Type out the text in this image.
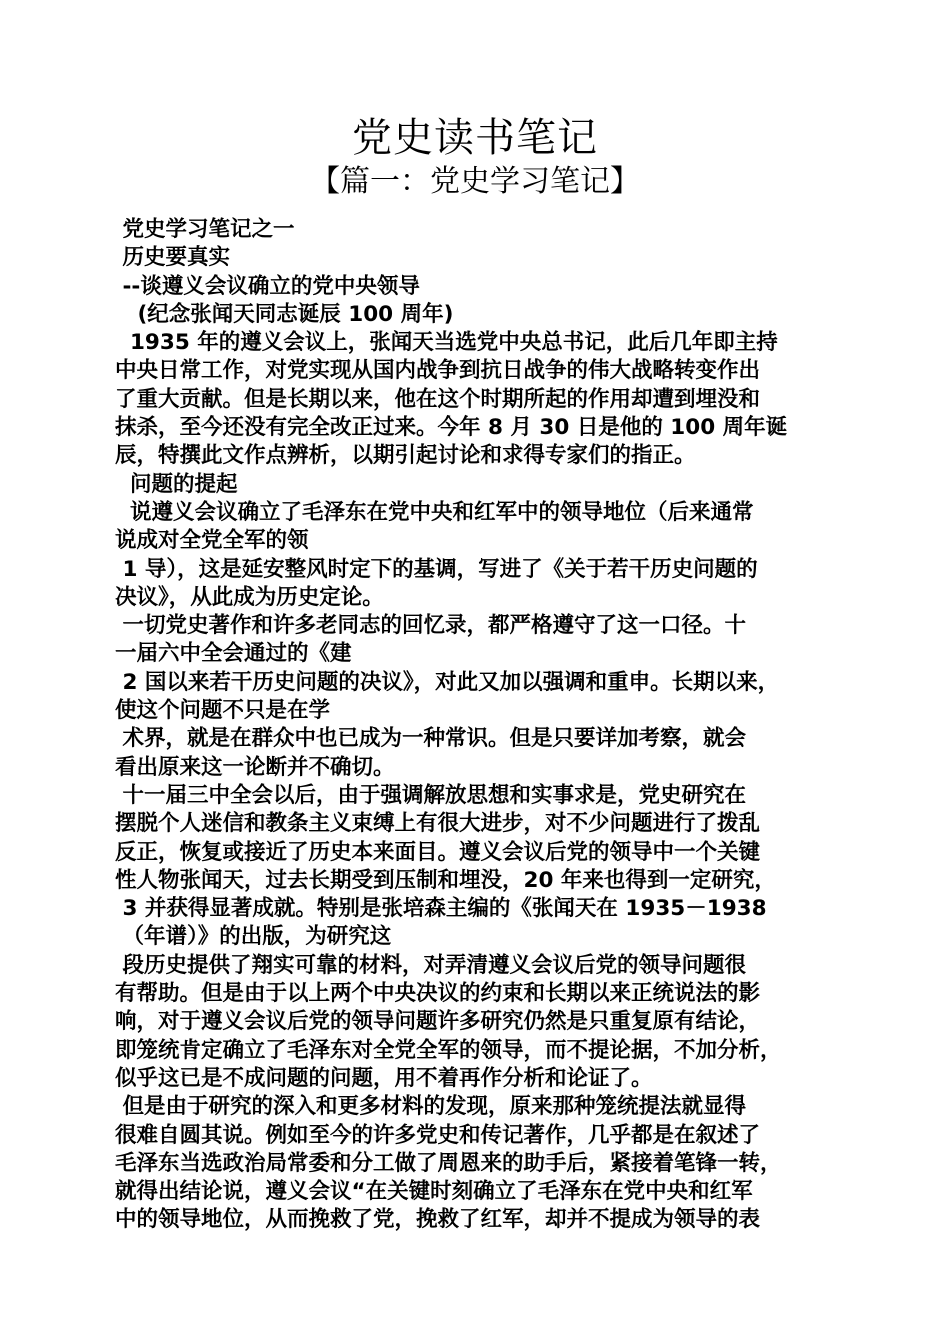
党史读书笔记
【篇一：党史学习笔记】
党史学习笔记之一
历史要真实
--谈遵义会议确立的党中央领导
(纪念张闻天同志诞辰 100 周年)
1935 年的遵义会议上，张闻天当选党中央总书记，此后几年即主持
中央日常工作，对党实现从国内战争到抗日战争的伟大战略转变作出
了重大贡献。但是长期以来，他在这个时期所起的作用却遭到埋没和
抹杀，至今还没有完全改正过来。今年 8 月 30 日是他的 100 周年诞
辰，特撰此文作点辨析，以期引起讨论和求得专家们的指正。
问题的提起
说遵义会议确立了毛泽东在党中央和红军中的领导地位（后来通常
说成对全党全军的领
1 导），这是延安整风时定下的基调，写进了《关于若干历史问题的
决议》，从此成为历史定论。
一切党史著作和许多老同志的回忆录，都严格遵守了这一口径。十
一届六中全会通过的《建
2 国以来若干历史问题的决议》，对此又加以强调和重申。长期以来，
使这个问题不只是在学
术界，就是在群众中也已成为一种常识。但是只要详加考察，就会
看出原来这一论断并不确切。
十一届三中全会以后，由于强调解放思想和实事求是，党史研究在
摆脱个人迷信和教条主义束缚上有很大进步，对不少问题进行了拨乱
反正，恢复或接近了历史本来面目。遵义会议后党的领导中一个关键
性人物张闻天，过去长期受到压制和埋没，20 年来也得到一定研究，
3 并获得显著成就。特别是张培森主编的《张闻天在 1935－1938
（年谱）》的出版，为研究这
段历史提供了翔实可靠的材料，对弄清遵义会议后党的领导问题很
有帮助。但是由于以上两个中央决议的约束和长期以来正统说法的影
响，对于遵义会议后党的领导问题许多研究仍然是只重复原有结论，
即笼统肯定确立了毛泽东对全党全军的领导，而不提论据，不加分析，
似乎这已是不成问题的问题，用不着再作分析和论证了。
但是由于研究的深入和更多材料的发现，原来那种笼统提法就显得
很难自圆其说。例如至今的许多党史和传记著作，几乎都是在叙述了
毛泽东当选政治局常委和分工做了周恩来的助手后，紧接着笔锋一转，
就得出结论说，遵义会议“在关键时刻确立了毛泽东在党中央和红军
中的领导地位，从而挽救了党，挽救了红军，却并不提成为领导的表
